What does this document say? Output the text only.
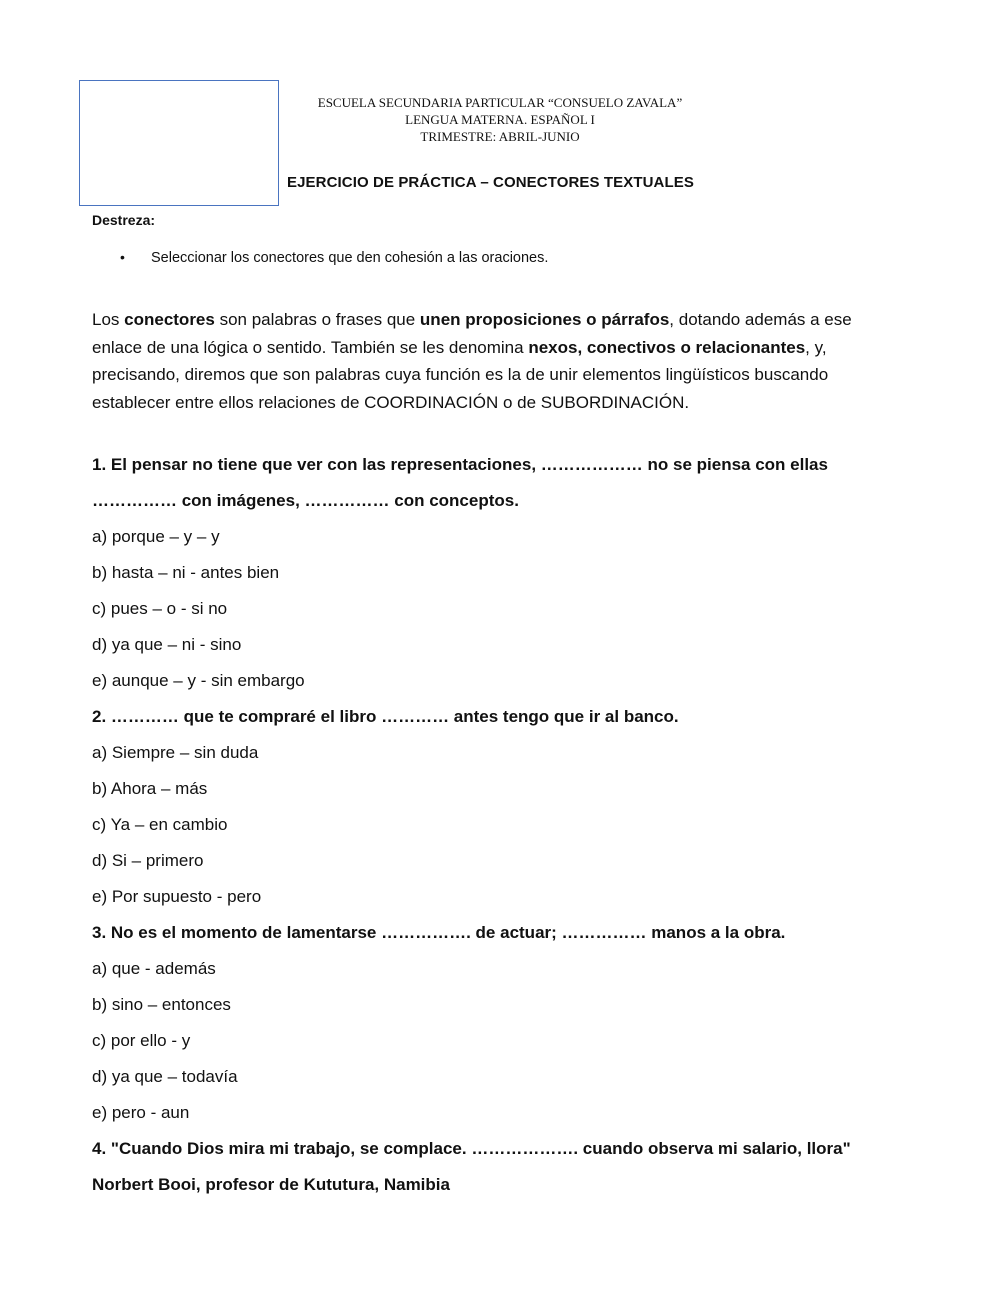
ESCUELA SECUNDARIA PARTICULAR “CONSUELO ZAVALA”
LENGUA MATERNA. ESPAÑOL I
TRIMESTRE: ABRIL-JUNIO
EJERCICIO DE PRÁCTICA – CONECTORES TEXTUALES
Destreza:
• Seleccionar los conectores que den cohesión a las oraciones.
Los conectores son palabras o frases que unen proposiciones o párrafos, dotando además a ese enlace de una lógica o sentido. También se les denomina nexos, conectivos o relacionantes, y, precisando, diremos que son palabras cuya función es la de unir elementos lingüísticos buscando establecer entre ellos relaciones de COORDINACIÓN o de SUBORDINACIÓN.
1. El pensar no tiene que ver con las representaciones, ……………… no se piensa con ellas
…………… con imágenes, …………… con conceptos.
a) porque – y – y
b) hasta – ni - antes bien
c) pues – o - si no
d) ya que – ni - sino
e) aunque – y - sin embargo
2. ………… que te compraré el libro ………… antes tengo que ir al banco.
a) Siempre – sin duda
b) Ahora – más
c) Ya – en cambio
d) Si – primero
e) Por supuesto - pero
3. No es el momento de lamentarse ……………. de actuar; …………… manos a la obra.
a) que - además
b) sino – entonces
c) por ello - y
d) ya que – todavía
e) pero - aun
4. "Cuando Dios mira mi trabajo, se complace. ………………. cuando observa mi salario, llora"
Norbert Booi, profesor de Kututura, Namibia
